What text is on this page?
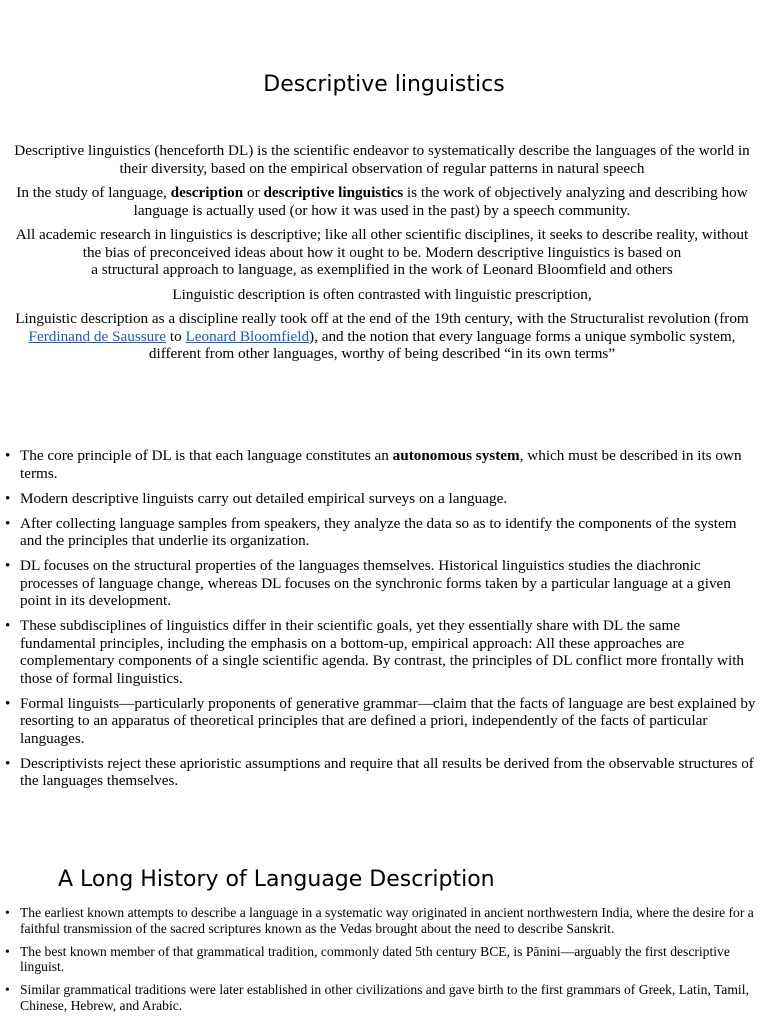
Descriptive linguistics

Descriptive linguistics (henceforth DL) is the scientific endeavor to systematically describe the languages of the world in their diversity, based on the empirical observation of regular patterns in natural speech

In the study of language, description or descriptive linguistics is the work of objectively analyzing and describing how language is actually used (or how it was used in the past) by a speech community.

All academic research in linguistics is descriptive; like all other scientific disciplines, it seeks to describe reality, without the bias of preconceived ideas about how it ought to be. Modern descriptive linguistics is based on
a structural approach to language, as exemplified in the work of Leonard Bloomfield and others

Linguistic description is often contrasted with linguistic prescription,

Linguistic description as a discipline really took off at the end of the 19th century, with the Structuralist revolution (from Ferdinand de Saussure to Leonard Bloomfield), and the notion that every language forms a unique symbolic system, different from other languages, worthy of being described “in its own terms”

• The core principle of DL is that each language constitutes an autonomous system, which must be described in its own terms.
• Modern descriptive linguists carry out detailed empirical surveys on a language.
• After collecting language samples from speakers, they analyze the data so as to identify the components of the system and the principles that underlie its organization.
• DL focuses on the structural properties of the languages themselves. Historical linguistics studies the diachronic processes of language change, whereas DL focuses on the synchronic forms taken by a particular language at a given point in its development.
• These subdisciplines of linguistics differ in their scientific goals, yet they essentially share with DL the same fundamental principles, including the emphasis on a bottom-up, empirical approach: All these approaches are complementary components of a single scientific agenda. By contrast, the principles of DL conflict more frontally with those of formal linguistics.
• Formal linguists—particularly proponents of generative grammar—claim that the facts of language are best explained by resorting to an apparatus of theoretical principles that are defined a priori, independently of the facts of particular languages.
• Descriptivists reject these aprioristic assumptions and require that all results be derived from the observable structures of the languages themselves.
A Long History of Language Description
• The earliest known attempts to describe a language in a systematic way originated in ancient northwestern India, where the desire for a faithful transmission of the sacred scriptures known as the Vedas brought about the need to describe Sanskrit.
• The best known member of that grammatical tradition, commonly dated 5th century BCE, is Pānini—arguably the first descriptive linguist.
• Similar grammatical traditions were later established in other civilizations and gave birth to the first grammars of Greek, Latin, Tamil, Chinese, Hebrew, and Arabic.
